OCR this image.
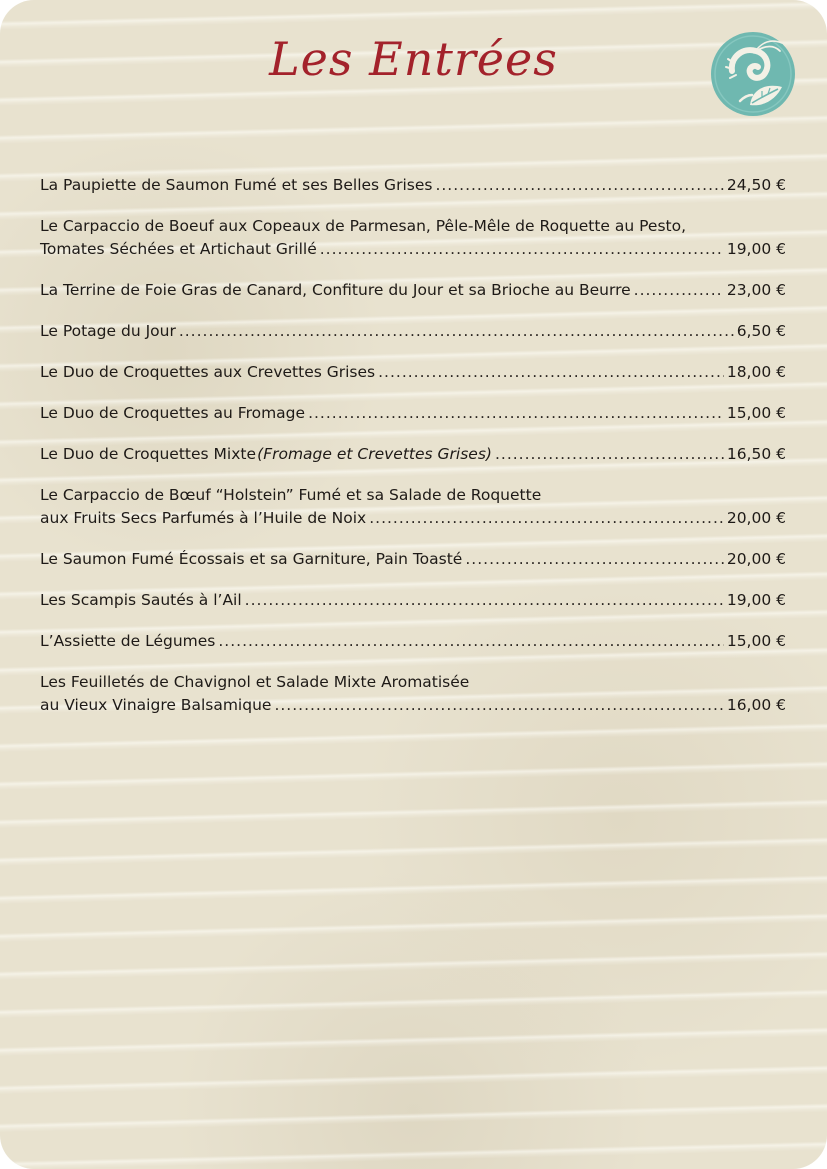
Les Entrées
La Paupiette de Saumon Fumé et ses Belles Grises .....	24,50 €
Le Carpaccio de Boeuf aux Copeaux de Parmesan, Pêle-Mêle de Roquette au Pesto,
Tomates Séchées et Artichaut Grillé .....	19,00 €
La Terrine de Foie Gras de Canard, Confiture du Jour et sa Brioche au Beurre .....	23,00 €
Le Potage du Jour .....	6,50 €
Le Duo de Croquettes aux Crevettes Grises .....	18,00 €
Le Duo de Croquettes au Fromage .....	15,00 €
Le Duo de Croquettes Mixte (Fromage et Crevettes Grises) .....	16,50 €
Le Carpaccio de Bœuf “Holstein” Fumé et sa Salade de Roquette
aux Fruits Secs Parfumés à l’Huile de Noix .....	20,00 €
Le Saumon Fumé Écossais et sa Garniture, Pain Toasté .....	20,00 €
Les Scampis Sautés à l’Ail .....	19,00 €
L’Assiette de Légumes .....	15,00 €
Les Feuilletés de Chavignol et Salade Mixte Aromatisée
au Vieux Vinaigre Balsamique .....	16,00 €
